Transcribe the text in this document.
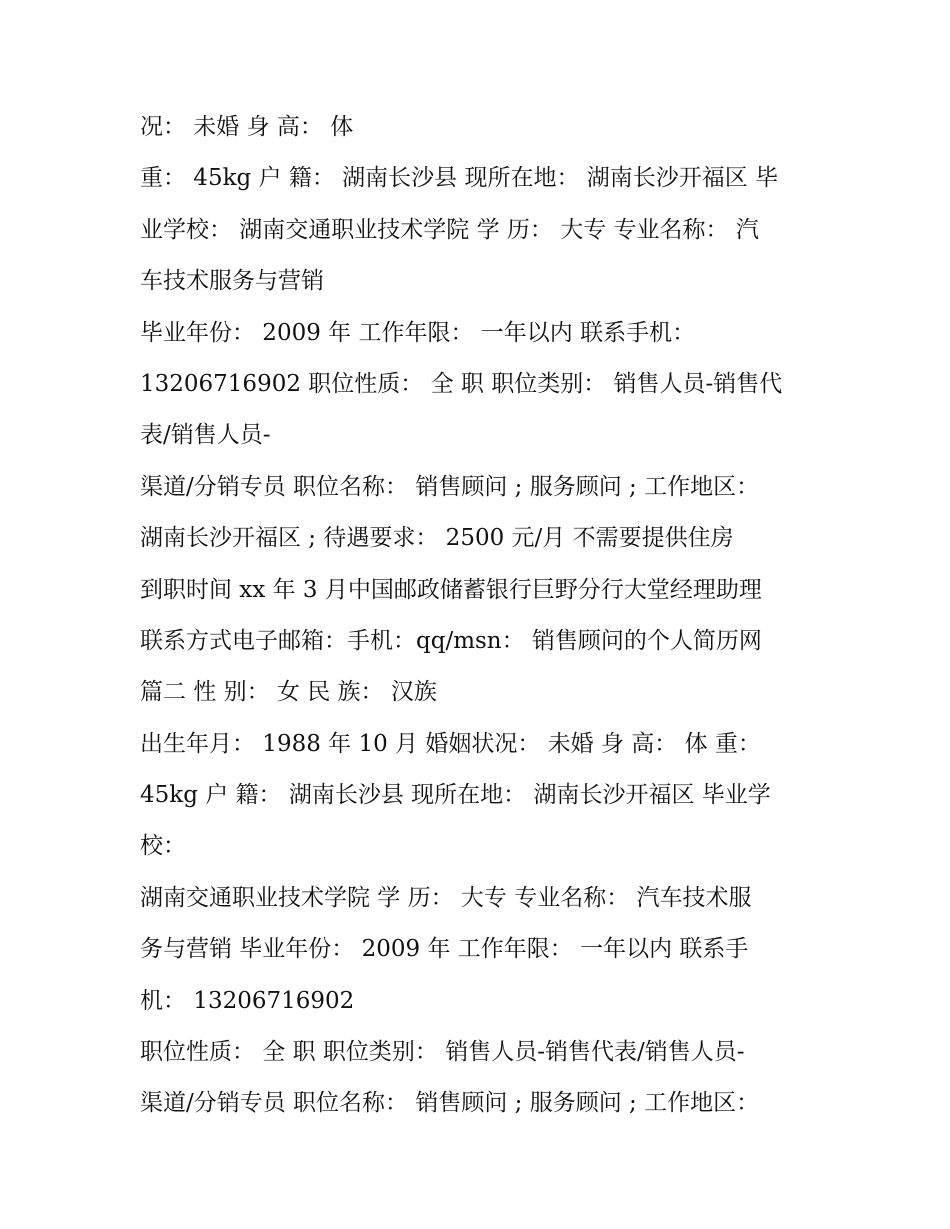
况： 未婚 身 高： 体
重： 45kg 户 籍： 湖南长沙县 现所在地： 湖南长沙开福区 毕
业学校： 湖南交通职业技术学院 学 历： 大专 专业名称： 汽
车技术服务与营销
毕业年份： 2009 年 工作年限： 一年以内 联系手机：
13206716902 职位性质： 全 职 职位类别： 销售人员-销售代
表/销售人员-
渠道/分销专员 职位名称： 销售顾问 ; 服务顾问 ; 工作地区：
湖南长沙开福区 ; 待遇要求： 2500 元/月 不需要提供住房
到职时间 xx 年 3 月中国邮政储蓄银行巨野分行大堂经理助理
联系方式电子邮箱：手机：qq/msn： 销售顾问的个人简历网
篇二 性 别： 女 民 族： 汉族
出生年月： 1988 年 10 月 婚姻状况： 未婚 身 高： 体 重：
45kg 户 籍： 湖南长沙县 现所在地： 湖南长沙开福区 毕业学
校：
湖南交通职业技术学院 学 历： 大专 专业名称： 汽车技术服
务与营销 毕业年份： 2009 年 工作年限： 一年以内 联系手
机： 13206716902
职位性质： 全 职 职位类别： 销售人员-销售代表/销售人员-
渠道/分销专员 职位名称： 销售顾问 ; 服务顾问 ; 工作地区：
